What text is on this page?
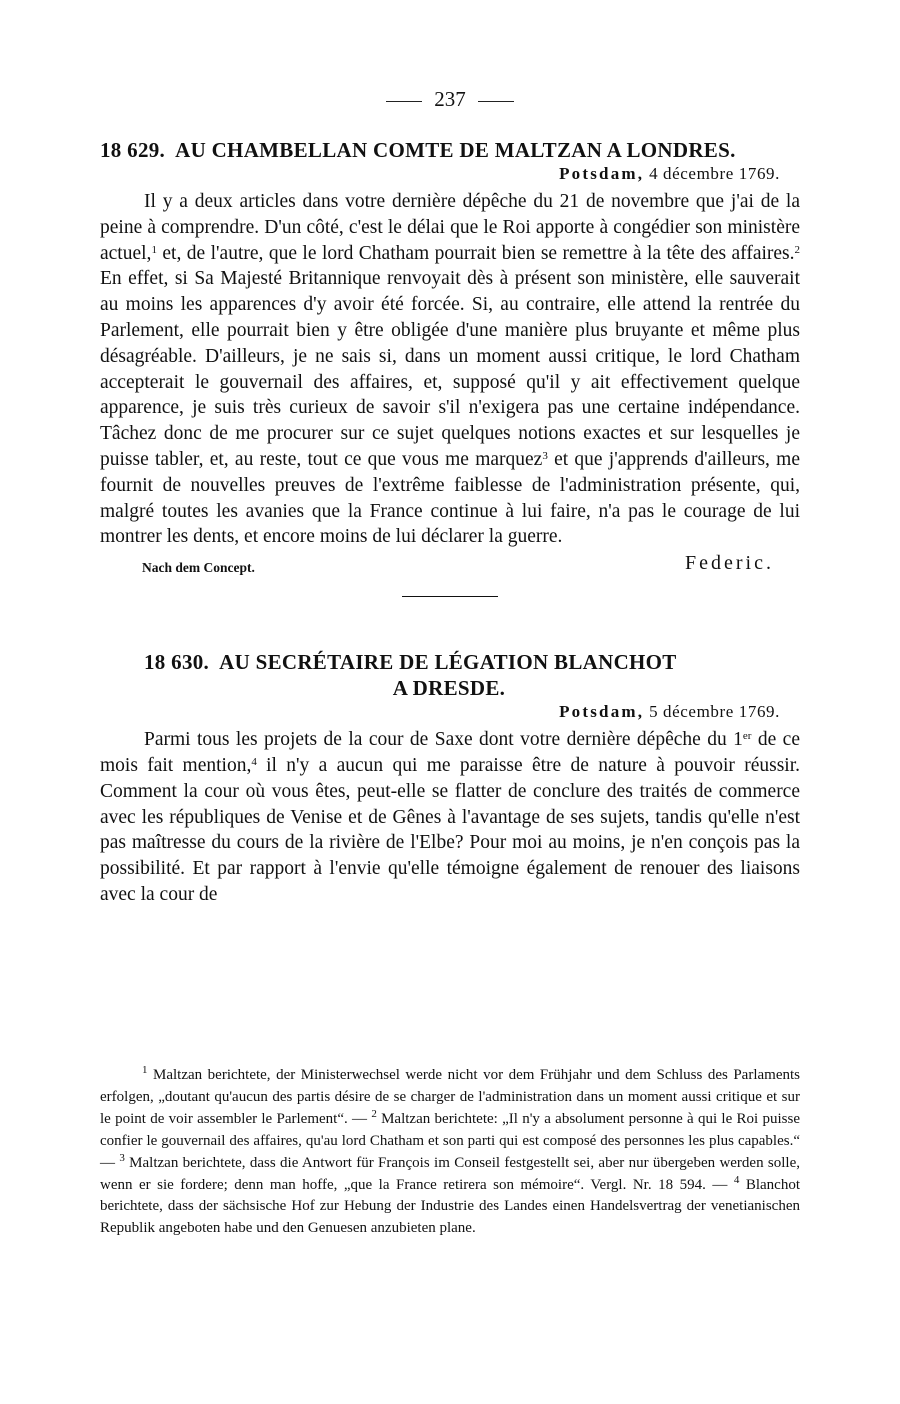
237
18 629. AU CHAMBELLAN COMTE DE MALTZAN A LONDRES.
Potsdam, 4 décembre 1769.

Il y a deux articles dans votre dernière dépêche du 21 de novembre que j'ai de la peine à comprendre. D'un côté, c'est le délai que le Roi apporte à congédier son ministère actuel,$^1$ et, de l'autre, que le lord Chatham pourrait bien se remettre à la tête des affaires.$^2$ En effet, si Sa Majesté Britannique renvoyait dès à présent son ministère, elle sauverait au moins les apparences d'y avoir été forcée. Si, au contraire, elle attend la rentrée du Parlement, elle pourrait bien y être obligée d'une manière plus bruyante et même plus désagréable. D'ailleurs, je ne sais si, dans un moment aussi critique, le lord Chatham accepterait le gouvernail des affaires, et, supposé qu'il y ait effectivement quelque apparence, je suis très curieux de savoir s'il n'exigera pas une certaine indépendance. Tâchez donc de me procurer sur ce sujet quelques notions exactes et sur lesquelles je puisse tabler, et, au reste, tout ce que vous me marquez$^3$ et que j'apprends d'ailleurs, me fournit de nouvelles preuves de l'extrême faiblesse de l'administration présente, qui, malgré toutes les avanies que la France continue à lui faire, n'a pas le courage de lui montrer les dents, et encore moins de lui déclarer la guerre.

Nach dem Concept.	Federic.
18 630. AU SECRÉTAIRE DE LÉGATION BLANCHOT
A DRESDE.
Potsdam, 5 décembre 1769.

Parmi tous les projets de la cour de Saxe dont votre dernière dépêche du 1er de ce mois fait mention,$^4$ il n'y a aucun qui me paraisse être de nature à pouvoir réussir. Comment la cour où vous êtes, peut-elle se flatter de conclure des traités de commerce avec les républiques de Venise et de Gênes à l'avantage de ses sujets, tandis qu'elle n'est pas maîtresse du cours de la rivière de l'Elbe? Pour moi au moins, je n'en conçois pas la possibilité. Et par rapport à l'envie qu'elle témoigne également de renouer des liaisons avec la cour de

$^1$ Maltzan berichtete, der Ministerwechsel werde nicht vor dem Frühjahr und dem Schluss des Parlaments erfolgen, „doutant qu'aucun des partis désire de se charger de l'administration dans un moment aussi critique et sur le point de voir assembler le Parlement“. — $^2$ Maltzan berichtete: „Il n'y a absolument personne à qui le Roi puisse confier le gouvernail des affaires, qu'au lord Chatham et son parti qui est composé des personnes les plus capables.“ — $^3$ Maltzan berichtete, dass die Antwort für François im Conseil festgestellt sei, aber nur übergeben werden solle, wenn er sie fordere; denn man hoffe, „que la France retirera son mémoire“. Vergl. Nr. 18 594. — $^4$ Blanchot berichtete, dass der sächsische Hof zur Hebung der Industrie des Landes einen Handelsvertrag der venetianischen Republik angeboten habe und den Genuesen anzubieten plane.
